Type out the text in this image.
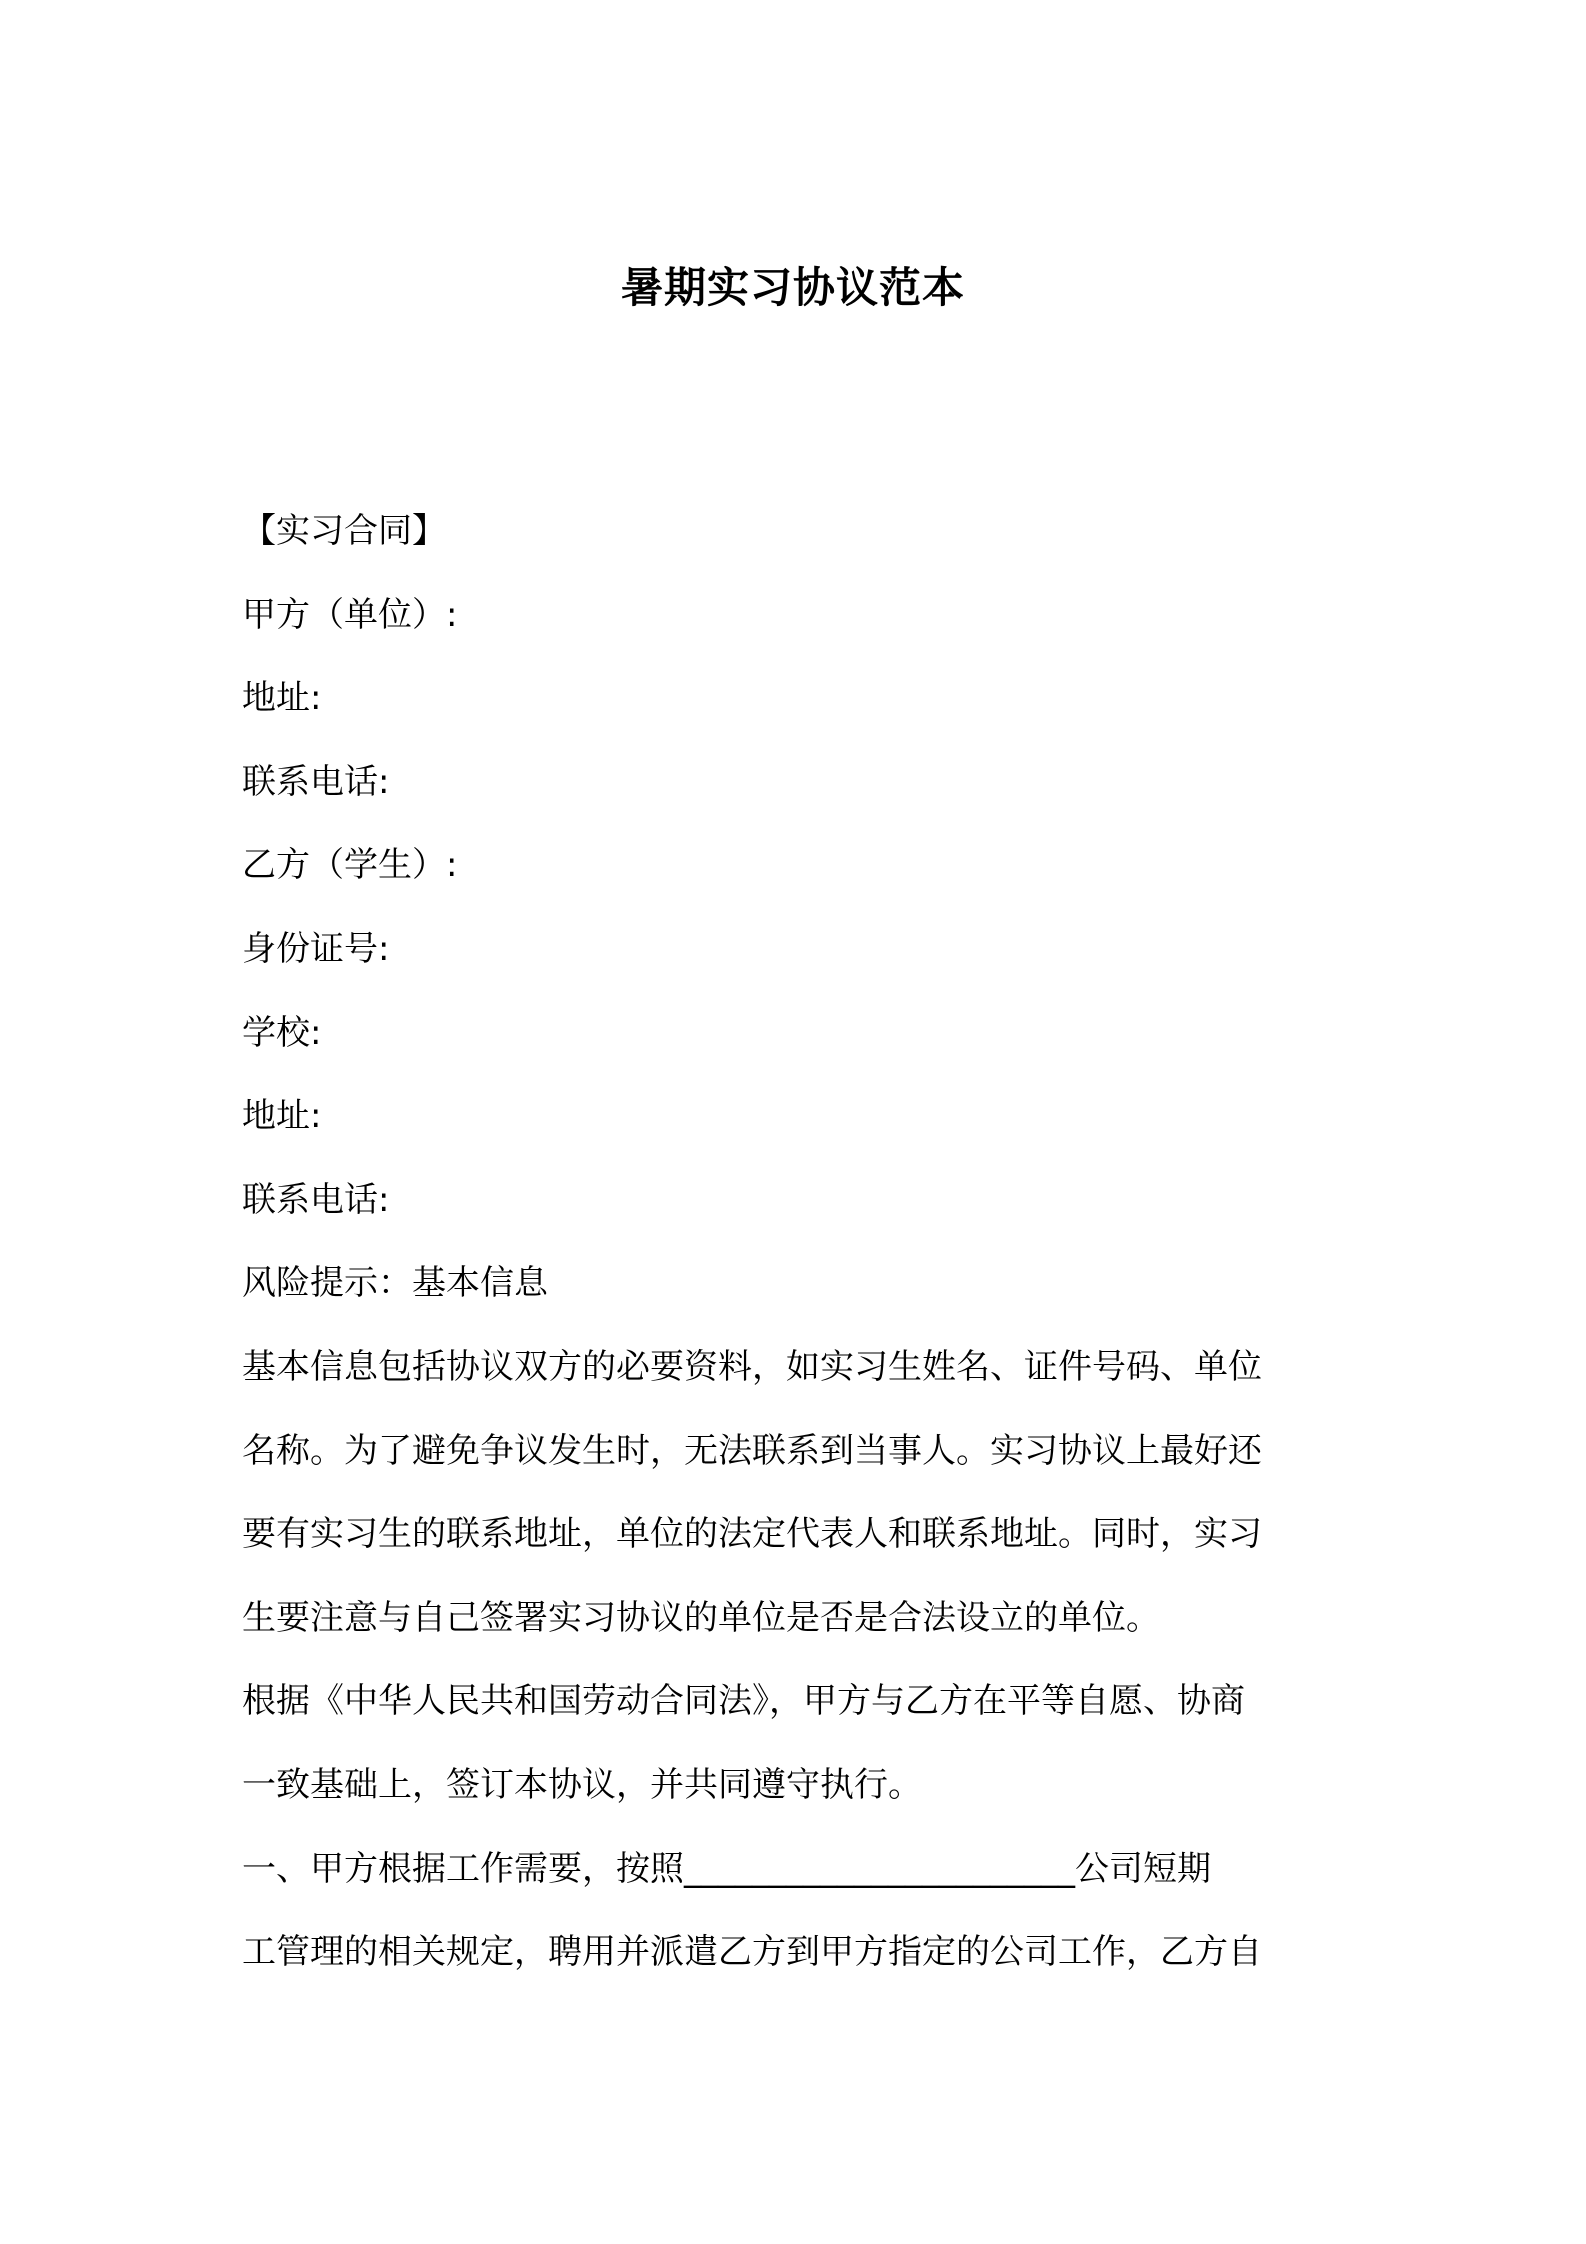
暑期实习协议范本

【实习合同】

甲方（单位）:

地址:

联系电话:

乙方（学生）:

身份证号:

学校:

地址:

联系电话:

风险提示：基本信息

基本信息包括协议双方的必要资料，如实习生姓名、证件号码、单位

名称。为了避免争议发生时，无法联系到当事人。实习协议上最好还

要有实习生的联系地址，单位的法定代表人和联系地址。同时，实习

生要注意与自己签署实习协议的单位是否是合法设立的单位。

根据《中华人民共和国劳动合同法》，甲方与乙方在平等自愿、协商

一致基础上，签订本协议，并共同遵守执行。

一、甲方根据工作需要，按照_______________________公司短期

工管理的相关规定，聘用并派遣乙方到甲方指定的公司工作，乙方自
